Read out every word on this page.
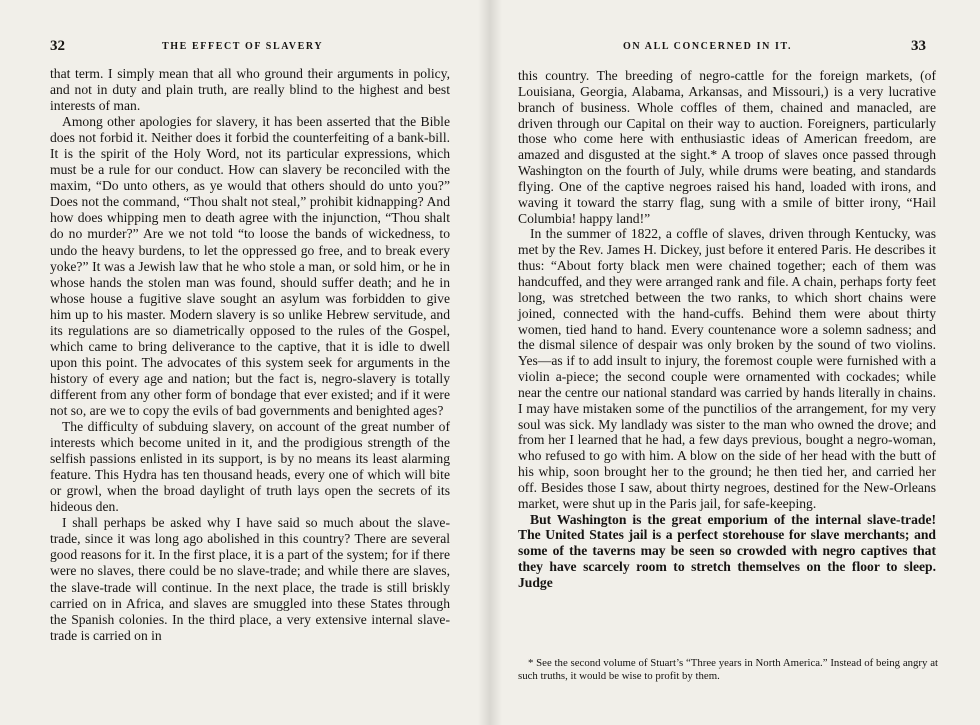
32	THE EFFECT OF SLAVERY

that term. I simply mean that all who ground their arguments in policy, and not in duty and plain truth, are really blind to the highest and best interests of man.

Among other apologies for slavery, it has been asserted that the Bible does not forbid it. Neither does it forbid the counterfeiting of a bank-bill. It is the spirit of the Holy Word, not its particular expressions, which must be a rule for our conduct. How can slavery be reconciled with the maxim, “Do unto others, as ye would that others should do unto you?” Does not the command, “Thou shalt not steal,” prohibit kidnapping? And how does whipping men to death agree with the injunction, “Thou shalt do no murder?” Are we not told “to loose the bands of wickedness, to undo the heavy burdens, to let the oppressed go free, and to break every yoke?” It was a Jewish law that he who stole a man, or sold him, or he in whose hands the stolen man was found, should suffer death; and he in whose house a fugitive slave sought an asylum was forbidden to give him up to his master. Modern slavery is so unlike Hebrew servitude, and its regulations are so diametrically opposed to the rules of the Gospel, which came to bring deliverance to the captive, that it is idle to dwell upon this point. The advocates of this system seek for arguments in the history of every age and nation; but the fact is, negro-slavery is totally different from any other form of bondage that ever existed; and if it were not so, are we to copy the evils of bad governments and benighted ages?

The difficulty of subduing slavery, on account of the great number of interests which become united in it, and the prodigious strength of the selfish passions enlisted in its support, is by no means its least alarming feature. This Hydra has ten thousand heads, every one of which will bite or growl, when the broad daylight of truth lays open the secrets of its hideous den.

I shall perhaps be asked why I have said so much about the slave-trade, since it was long ago abolished in this country? There are several good reasons for it. In the first place, it is a part of the system; for if there were no slaves, there could be no slave-trade; and while there are slaves, the slave-trade will continue. In the next place, the trade is still briskly carried on in Africa, and slaves are smuggled into these States through the Spanish colonies. In the third place, a very extensive internal slave-trade is carried on in

ON ALL CONCERNED IN IT.	33

this country. The breeding of negro-cattle for the foreign markets, (of Louisiana, Georgia, Alabama, Arkansas, and Missouri,) is a very lucrative branch of business. Whole coffles of them, chained and manacled, are driven through our Capital on their way to auction. Foreigners, particularly those who come here with enthusiastic ideas of American freedom, are amazed and disgusted at the sight.* A troop of slaves once passed through Washington on the fourth of July, while drums were beating, and standards flying. One of the captive negroes raised his hand, loaded with irons, and waving it toward the starry flag, sung with a smile of bitter irony, “Hail Columbia! happy land!”

In the summer of 1822, a coffle of slaves, driven through Kentucky, was met by the Rev. James H. Dickey, just before it entered Paris. He describes it thus: “About forty black men were chained together; each of them was handcuffed, and they were arranged rank and file. A chain, perhaps forty feet long, was stretched between the two ranks, to which short chains were joined, connected with the hand-cuffs. Behind them were about thirty women, tied hand to hand. Every countenance wore a solemn sadness; and the dismal silence of despair was only broken by the sound of two violins. Yes—as if to add insult to injury, the foremost couple were furnished with a violin a-piece; the second couple were ornamented with cockades; while near the centre our national standard was carried by hands literally in chains. I may have mistaken some of the punctilios of the arrangement, for my very soul was sick. My landlady was sister to the man who owned the drove; and from her I learned that he had, a few days previous, bought a negro-woman, who refused to go with him. A blow on the side of her head with the butt of his whip, soon brought her to the ground; he then tied her, and carried her off. Besides those I saw, about thirty negroes, destined for the New-Orleans market, were shut up in the Paris jail, for safe-keeping.

But Washington is the great emporium of the internal slave-trade! The United States jail is a perfect storehouse for slave merchants; and some of the taverns may be seen so crowded with negro captives that they have scarcely room to stretch themselves on the floor to sleep. Judge

* See the second volume of Stuart’s “Three years in North America.” Instead of being angry at such truths, it would be wise to profit by them.
